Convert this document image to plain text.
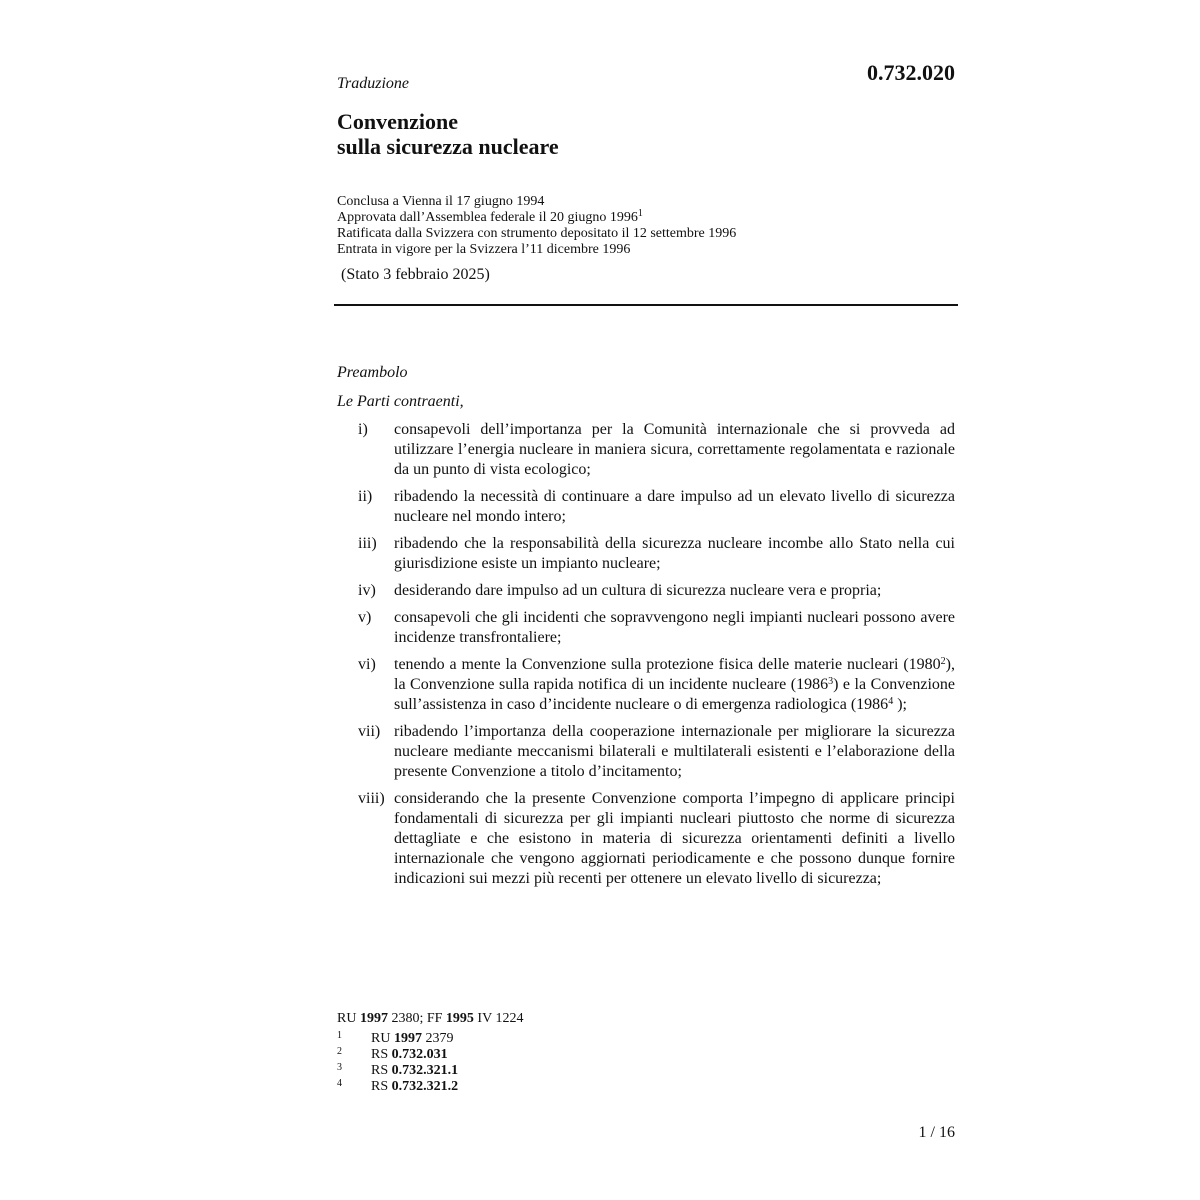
0.732.020
Traduzione
Convenzione
sulla sicurezza nucleare
Conclusa a Vienna il 17 giugno 1994
Approvata dall’Assemblea federale il 20 giugno 1996$^1$
Ratificata dalla Svizzera con strumento depositato il 12 settembre 1996
Entrata in vigore per la Svizzera l’11 dicembre 1996
(Stato 3 febbraio 2025)
Preambolo
Le Parti contraenti,
i) consapevoli dell’importanza per la Comunità internazionale che si provveda ad utilizzare l’energia nucleare in maniera sicura, correttamente regolamentata e razionale da un punto di vista ecologico;
ii) ribadendo la necessità di continuare a dare impulso ad un elevato livello di sicurezza nucleare nel mondo intero;
iii) ribadendo che la responsabilità della sicurezza nucleare incombe allo Stato nella cui giurisdizione esiste un impianto nucleare;
iv) desiderando dare impulso ad un cultura di sicurezza nucleare vera e propria;
v) consapevoli che gli incidenti che sopravvengono negli impianti nucleari possono avere incidenze transfrontaliere;
vi) tenendo a mente la Convenzione sulla protezione fisica delle materie nucleari (1980$^2$), la Convenzione sulla rapida notifica di un incidente nucleare (1986$^3$) e la Convenzione sull’assistenza in caso d’incidente nucleare o di emergenza radiologica (1986$^4$ );
vii) ribadendo l’importanza della cooperazione internazionale per migliorare la sicurezza nucleare mediante meccanismi bilaterali e multilaterali esistenti e l’elaborazione della presente Convenzione a titolo d’incitamento;
viii) considerando che la presente Convenzione comporta l’impegno di applicare principi fondamentali di sicurezza per gli impianti nucleari piuttosto che norme di sicurezza dettagliate e che esistono in materia di sicurezza orientamenti definiti a livello internazionale che vengono aggiornati periodicamente e che possono dunque fornire indicazioni sui mezzi più recenti per ottenere un elevato livello di sicurezza;
RU 1997 2380; FF 1995 IV 1224
1 RU 1997 2379
2 RS 0.732.031
3 RS 0.732.321.1
4 RS 0.732.321.2
1 / 16
